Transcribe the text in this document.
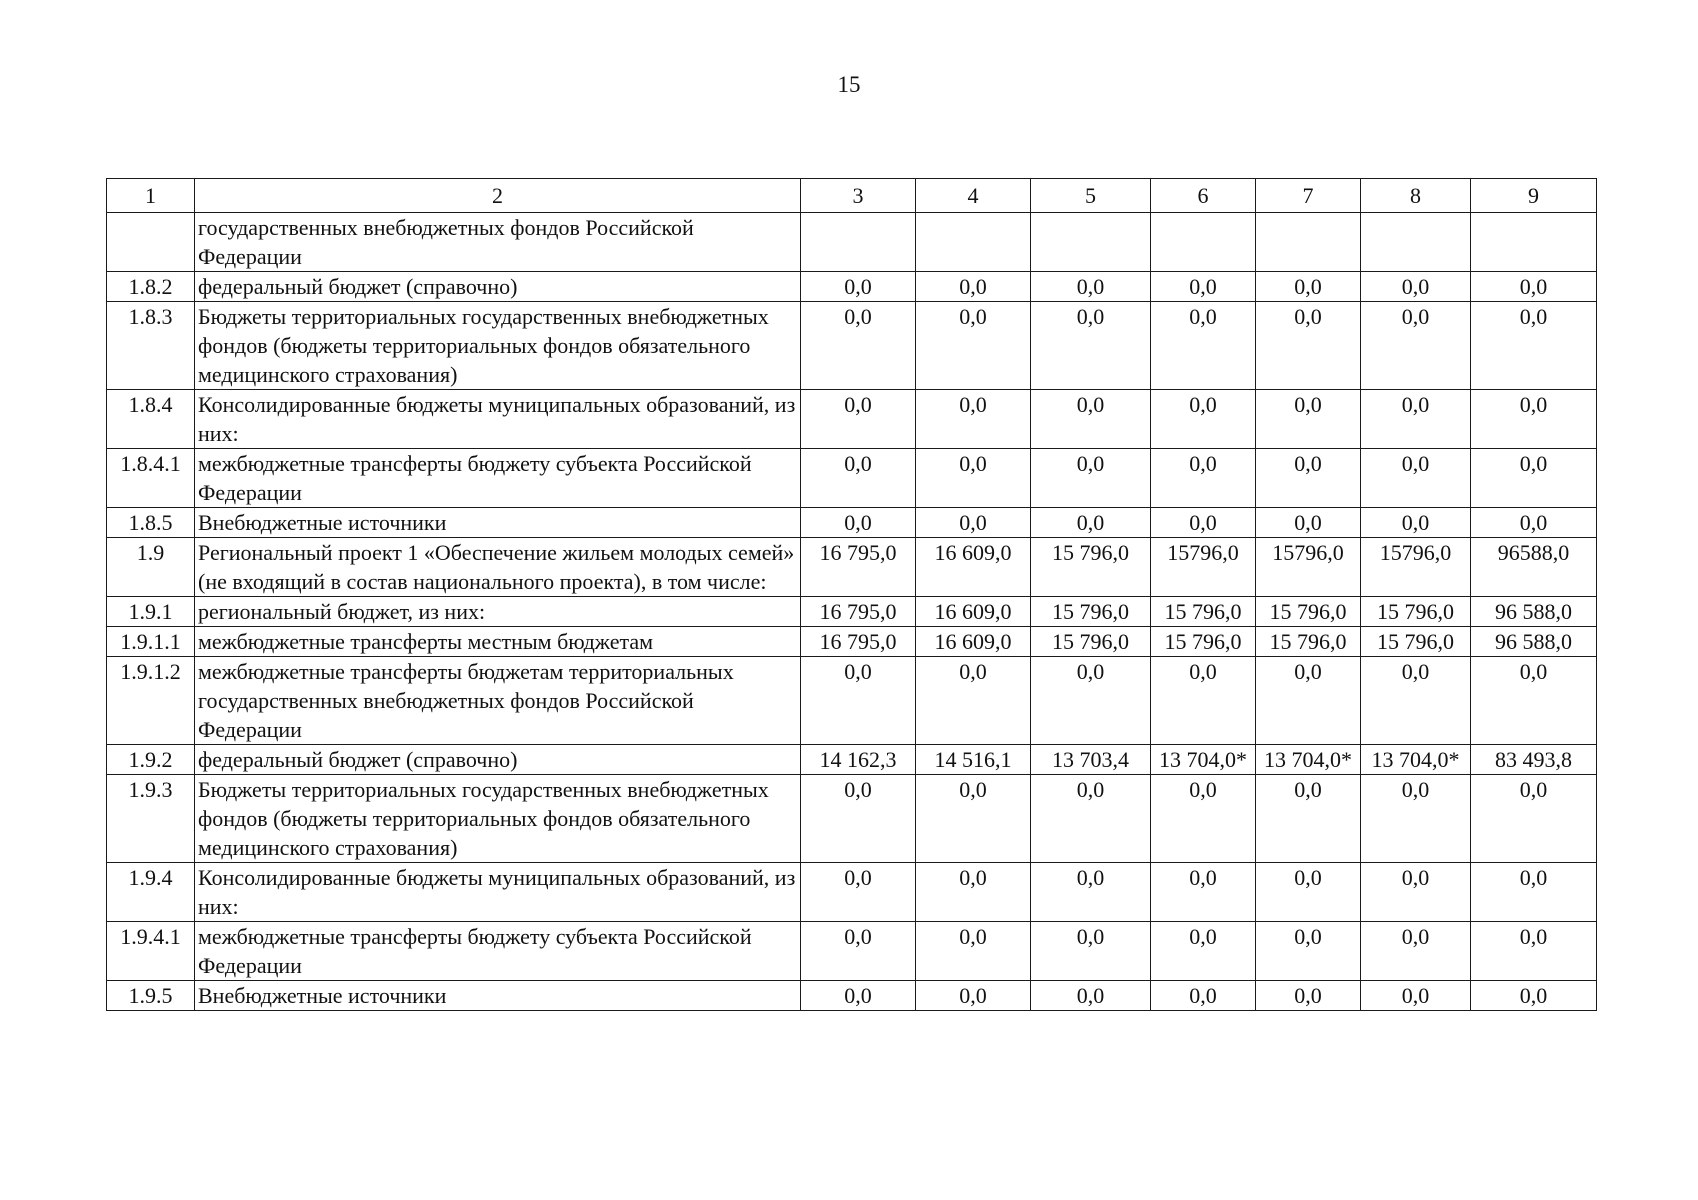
15
1	2	3	4	5	6	7	8	9
	государственных внебюджетных фондов Российской Федерации							
1.8.2	федеральный бюджет (справочно)	0,0	0,0	0,0	0,0	0,0	0,0	0,0
1.8.3	Бюджеты территориальных государственных внебюджетных фондов (бюджеты территориальных фондов обязательного медицинского страхования)	0,0	0,0	0,0	0,0	0,0	0,0	0,0
1.8.4	Консолидированные бюджеты муниципальных образований, из них:	0,0	0,0	0,0	0,0	0,0	0,0	0,0
1.8.4.1	межбюджетные трансферты бюджету субъекта Российской Федерации	0,0	0,0	0,0	0,0	0,0	0,0	0,0
1.8.5	Внебюджетные источники	0,0	0,0	0,0	0,0	0,0	0,0	0,0
1.9	Региональный проект 1 «Обеспечение жильем молодых семей» (не входящий в состав национального проекта), в том числе:	16 795,0	16 609,0	15 796,0	15796,0	15796,0	15796,0	96588,0
1.9.1	региональный бюджет, из них:	16 795,0	16 609,0	15 796,0	15 796,0	15 796,0	15 796,0	96 588,0
1.9.1.1	межбюджетные трансферты местным бюджетам	16 795,0	16 609,0	15 796,0	15 796,0	15 796,0	15 796,0	96 588,0
1.9.1.2	межбюджетные трансферты бюджетам территориальных государственных внебюджетных фондов Российской Федерации	0,0	0,0	0,0	0,0	0,0	0,0	0,0
1.9.2	федеральный бюджет (справочно)	14 162,3	14 516,1	13 703,4	13 704,0*	13 704,0*	13 704,0*	83 493,8
1.9.3	Бюджеты территориальных государственных внебюджетных фондов (бюджеты территориальных фондов обязательного медицинского страхования)	0,0	0,0	0,0	0,0	0,0	0,0	0,0
1.9.4	Консолидированные бюджеты муниципальных образований, из них:	0,0	0,0	0,0	0,0	0,0	0,0	0,0
1.9.4.1	межбюджетные трансферты бюджету субъекта Российской Федерации	0,0	0,0	0,0	0,0	0,0	0,0	0,0
1.9.5	Внебюджетные источники	0,0	0,0	0,0	0,0	0,0	0,0	0,0
